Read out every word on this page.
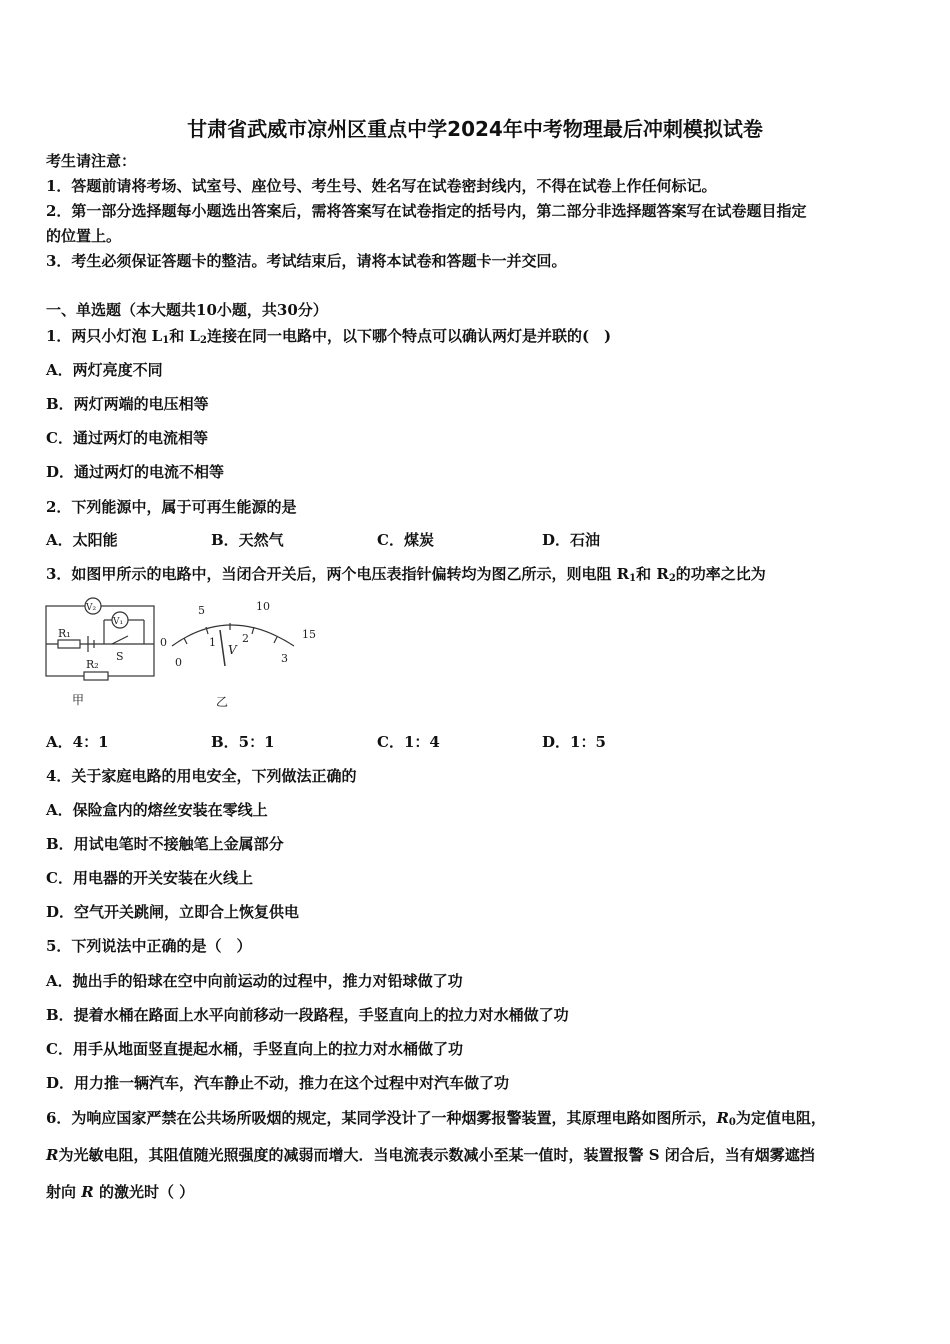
甘肃省武威市凉州区重点中学2024年中考物理最后冲刺模拟试卷
考生请注意：
1．答题前请将考场、试室号、座位号、考生号、姓名写在试卷密封线内，不得在试卷上作任何标记。
2．第一部分选择题每小题选出答案后，需将答案写在试卷指定的括号内，第二部分非选择题答案写在试卷题目指定
的位置上。
3．考生必须保证答题卡的整洁。考试结束后，请将本试卷和答题卡一并交回。
一、单选题（本大题共10小题，共30分）
1．两只小灯泡 $L_1$和 $L_2$连接在同一电路中，以下哪个特点可以确认两灯是并联的(　)
A．两灯亮度不同
B．两灯两端的电压相等
C．通过两灯的电流相等
D．通过两灯的电流不相等
2．下列能源中，属于可再生能源的是
A．太阳能	B．天然气	C．煤炭	D．石油
3．如图甲所示的电路中，当闭合开关后，两个电压表指针偏转均为图乙所示，则电阻 $R_1$和 $R_2$的功率之比为
V₂
V₁
R₁
R₂
S
甲
0
5	10
15
0
1 2
3
V
乙
A．4：1	B．5：1	C．1：4	D．1：5
4．关于家庭电路的用电安全，下列做法正确的
A．保险盒内的熔丝安装在零线上
B．用试电笔时不接触笔上金属部分
C．用电器的开关安装在火线上
D．空气开关跳闸，立即合上恢复供电
5．下列说法中正确的是（　）
A．抛出手的铅球在空中向前运动的过程中，推力对铅球做了功
B．提着水桶在路面上水平向前移动一段路程，手竖直向上的拉力对水桶做了功
C．用手从地面竖直提起水桶，手竖直向上的拉力对水桶做了功
D．用力推一辆汽车，汽车静止不动，推力在这个过程中对汽车做了功
6．为响应国家严禁在公共场所吸烟的规定，某同学没计了一种烟雾报警装置，其原理电路如图所示，$R_0$为定值电阻，
R为光敏电阻，其阻值随光照强度的减弱而增大．当电流表示数减小至某一值时，装置报警 S 闭合后，当有烟雾遮挡
射向 R 的激光时（ ）
